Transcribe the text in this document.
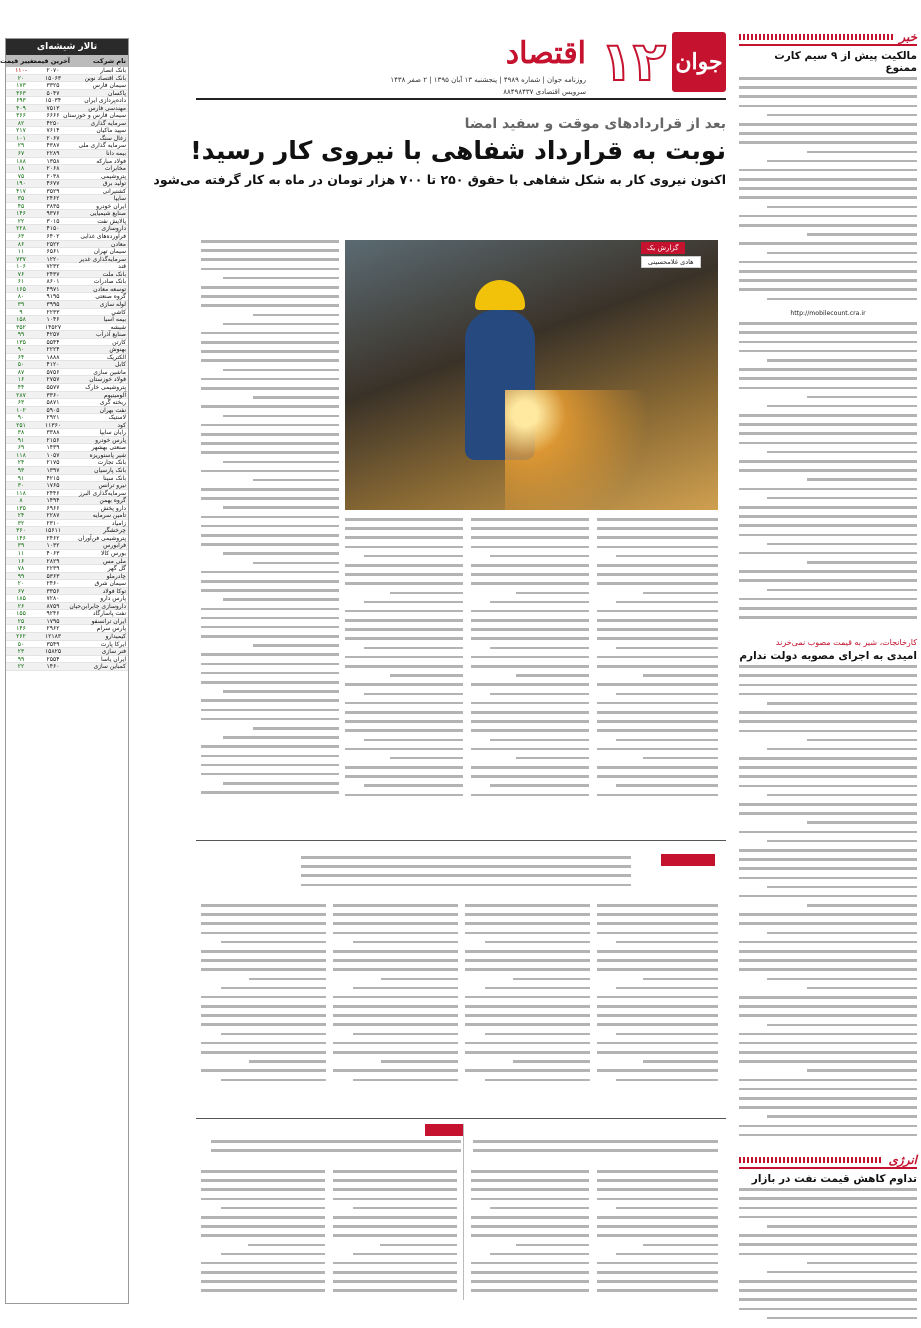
جوان
۱۲
اقتصاد
روزنامه جوان | شماره ۴۹۸۹ | پنجشنبه ۱۳ آبان ۱۳۹۵ | ۲ صفر ۱۴۳۸
سرویس اقتصادی ۸۸۴۹۸۴۳۷
بعد از قراردادهای موقت و سفید امضا
نوبت به قرارداد شفاهی با نیروی کار رسید!
اکنون نیروی کار به شکل شفاهی با حقوق ۲۵۰ تا ۷۰۰ هزار تومان در ماه به کار گرفته می‌شود
گزارش یک
هادی غلامحسینی
خبر
مالکیت پیش از ۹ سیم کارت ممنوع
http://mobilecount.cra.ir
کارخانجات، شیر به قیمت مصوب نمی‌خرند
امیدی به اجرای مصوبه دولت ندارم
انرژی
تداوم کاهش قیمت نفت در بازار
تالار شیشه‌ای
نام شرکت
آخرین قیمت
تغییر قیمت
بانک انصار
۲۰۷۰
-۱۱۰
بانک اقتصاد نوین
۱۵۰۶۳
۲۰
سیمان فارس
۳۳۲۵
۱۷۳
پاکسان
۵۰۴۷
۳۶۳
داده‌پردازی ایران
۱۵۰۳۴
۶۹۳
مهندسی فارس
۷۵۱۳
۴۰۹
سیمان فارس و خوزستان
۶۶۶۶
۳۶۶
سرمایه گذاری
۴۲۵۰
۸۲
سپید ماکیان
۷۶۱۴
۲۱۷
زغال سنگ
۲۰۶۷
۱۰۱
سرمایه گذاری ملی
۴۳۸۷
۲۹
بیمه دانا
۲۲۸۹
۶۷
فولاد مبارکه
۱۳۵۸
۱۸۸
مخابرات
۲۰۶۸
۱۸
پتروشیمی
۲۰۳۸
۷۵
تولید برق
۴۶۷۷
۱۹۰
کشتیرانی
۳۵۲۹
۴۱۷
سایپا
۲۴۶۲
۳۵
ایران خودرو
۳۸۳۵
۴۵
صنایع شیمیایی
۹۳۷۶
۱۴۶
پالایش نفت
۳۰۱۵
۲۲
داروسازی
۴۱۵۰
۲۲۸
فرآورده‌های غذایی
۶۴۰۲
۶۳
معادن
۲۵۲۲
۸۶
سیمان تهران
۶۵۶۱
۱۱
سرمایه‌گذاری غدیر
۱۲۲۰
۷۳۷
قند
۷۲۳۲
۱۰۶
بانک ملت
۲۴۳۷
۷۶
بانک صادرات
۸۶۰۱
۶۱
توسعه معادن
۴۹۷۱
۱۶۵
گروه صنعتی
۹۱۹۵
۸۰
لوله سازی
۳۹۹۵
۳۹
کاشی
۲۲۳۳
۹
بیمه آسیا
۱۰۴۶
۱۵۸
شیشه
۱۴۵۲۷
۳۵۲
صنایع آذرآب
۴۲۵۷
۹۹
کارتن
۵۵۴۴
۱۳۵
بهنوش
۲۲۲۴
۹۰
الکتریک
۱۸۸۸
۶۴
کابل
۴۱۲۰
۵۰
ماشین سازی
۵۷۵۶
۸۷
فولاد خوزستان
۲۷۵۷
۱۶
پتروشیمی خارک
۵۵۷۷
۴۴
آلومینیوم
۳۳۶۰
۲۸۷
ریخته گری
۵۸۷۱
۶۳
نفت بهران
۵۹۰۵
۱۰۲
لاستیک
۲۹۲۱
۹۰
کود
۱۱۳۶۰
۲۵۱
رایان سایپا
۳۳۸۸
۳۸
پارس خودرو
۲۱۵۶
۹۱
صنعتی بهشهر
۱۴۳۹
۶۹
شیر پاستوریزه
۱۰۵۷
۱۱۸
بانک تجارت
۲۱۷۵
۲۴
بانک پارسیان
۱۳۹۷
۹۳
بانک سینا
۴۲۱۵
۹۱
نیرو ترانس
۱۷۶۵
۳۰
سرمایه‌گذاری البرز
۲۴۴۶
۱۱۸
گروه بهمن
۱۴۹۴
۸
دارو پخش
۶۹۶۶
۱۳۵
تامین سرمایه
۲۲۸۷
۲۴
زامیاد
۲۳۱۰
۳۲
چرخشگر
۱۵۶۱۱
۳۶۰
پتروشیمی فن‌آوران
۲۴۶۲
۱۴۶
فرابورس
۱۰۳۲
۳۹
بورس کالا
۴۰۶۳
۱۱
ملی مس
۲۸۲۹
۱۶
گل گهر
۲۲۳۹
۷۸
چادرملو
۵۳۶۳
۹۹
سیمان شرق
۲۴۶۰
۲۰
توکا فولاد
۳۳۵۶
۶۷
پارس دارو
۷۲۸۰
۱۸۵
داروسازی جابرابن‌حیان
۸۷۵۹
۲۶
نفت پاسارگاد
۹۲۴۶
۱۵۵
ایران ترانسفو
۱۷۹۵
۲۵
پارس سرام
۲۹۶۲
۱۴۶
کیمیدارو
۱۲۱۸۳
۲۶۲
ایرکا پارت
۳۵۴۹
۵۰
فنر سازی
۱۵۸۲۵
۲۳
ایران یاسا
۲۵۵۴
۹۹
کمباین سازی
۱۴۶۰
۲۲
